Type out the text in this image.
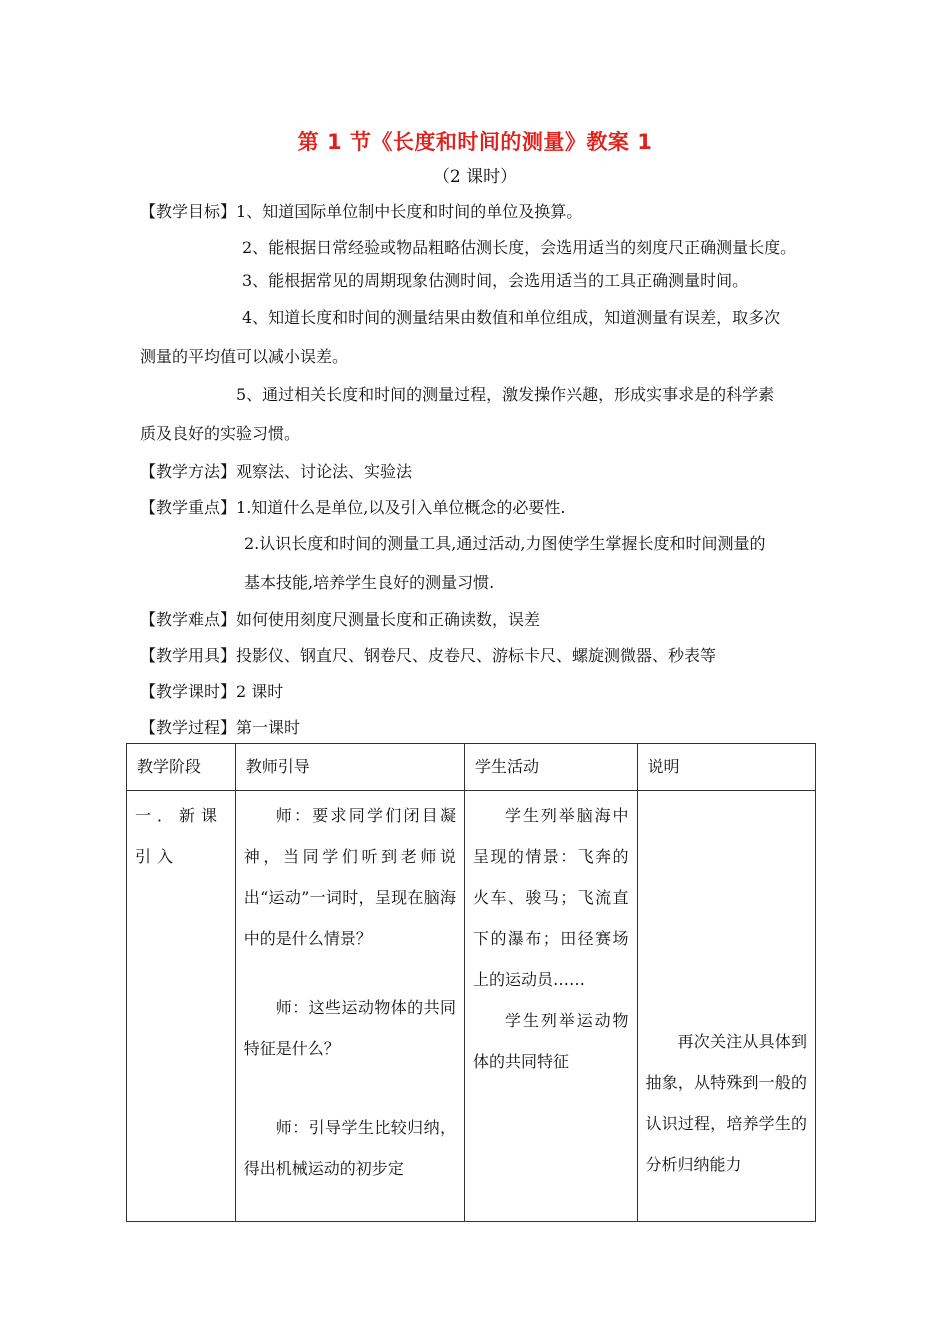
第 1 节《长度和时间的测量》教案 1
（2 课时）
【教学目标】1、知道国际单位制中长度和时间的单位及换算。
2、能根据日常经验或物品粗略估测长度，会选用适当的刻度尺正确测量长度。
3、能根据常见的周期现象估测时间，会选用适当的工具正确测量时间。
4、知道长度和时间的测量结果由数值和单位组成，知道测量有误差，取多次
测量的平均值可以减小误差。
5、通过相关长度和时间的测量过程，激发操作兴趣，形成实事求是的科学素
质及良好的实验习惯。
【教学方法】观察法、讨论法、实验法
【教学重点】1.知道什么是单位,以及引入单位概念的必要性.
2.认识长度和时间的测量工具,通过活动,力图使学生掌握长度和时间测量的
基本技能,培养学生良好的测量习惯.
【教学难点】如何使用刻度尺测量长度和正确读数，误差
【教学用具】投影仪、钢直尺、钢卷尺、皮卷尺、游标卡尺、螺旋测微器、秒表等
【教学课时】2 课时
【教学过程】第一课时
教学阶段	教师引导	学生活动	说明

一．新课引入	师：要求同学们闭目凝神，当同学们听到老师说出“运动”一词时，呈现在脑海中的是什么情景？
师：这些运动物体的共同特征是什么？
师：引导学生比较归纳，得出机械运动的初步定	学生列举脑海中呈现的情景：飞奔的火车、骏马；飞流直下的瀑布；田径赛场上的运动员……
学生列举运动物体的共同特征	再次关注从具体到抽象，从特殊到一般的认识过程，培养学生的分析归纳能力
